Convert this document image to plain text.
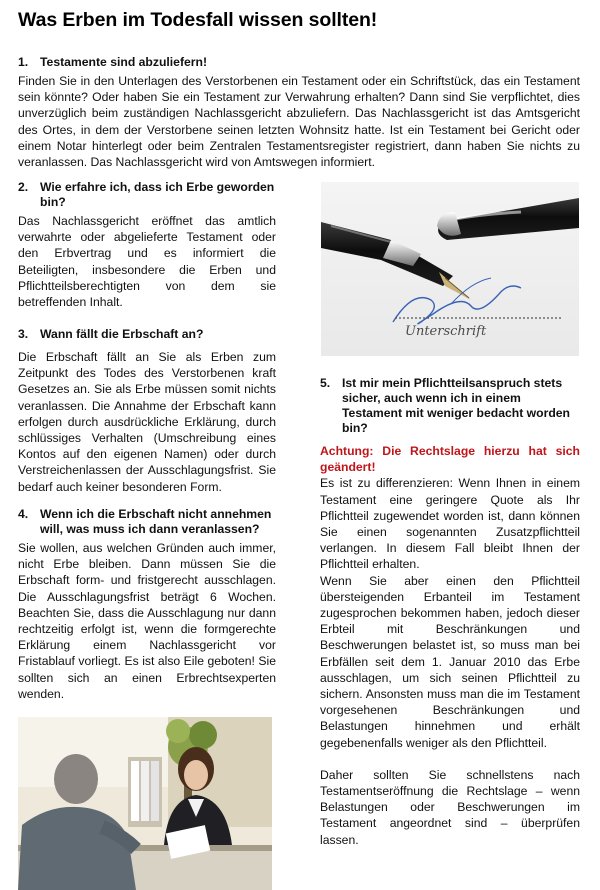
Was Erben im Todesfall wissen sollten!
1. Testamente sind abzuliefern!

Finden Sie in den Unterlagen des Verstorbenen ein Testament oder ein Schriftstück, das ein Testament sein könnte? Oder haben Sie ein Testament zur Verwahrung erhalten? Dann sind Sie verpflichtet, dies unverzüglich beim zuständigen Nachlassgericht abzuliefern. Das Nachlassgericht ist das Amtsgericht des Ortes, in dem der Verstorbene seinen letzten Wohnsitz hatte. Ist ein Testament bei Gericht oder einem Notar hinterlegt oder beim Zentralen Testamentsregister registriert, dann haben Sie nichts zu veranlassen. Das Nachlassgericht wird von Amtswegen informiert.

2. Wie erfahre ich, dass ich Erbe geworden bin?

Das Nachlassgericht eröffnet das amtlich verwahrte oder abgelieferte Testament oder den Erbvertrag und es informiert die Beteiligten, insbesondere die Erben und Pflichtteilsberechtigten von dem sie betreffenden Inhalt.

3. Wann fällt die Erbschaft an?

Die Erbschaft fällt an Sie als Erben zum Zeitpunkt des Todes des Verstorbenen kraft Gesetzes an. Sie als Erbe müssen somit nichts veranlassen. Die Annahme der Erbschaft kann erfolgen durch ausdrückliche Erklärung, durch schlüssiges Verhalten (Umschreibung eines Kontos auf den eigenen Namen) oder durch Verstreichenlassen der Ausschlagungsfrist. Sie bedarf auch keiner besonderen Form.

4. Wenn ich die Erbschaft nicht annehmen will, was muss ich dann veranlassen?

Sie wollen, aus welchen Gründen auch immer, nicht Erbe bleiben. Dann müssen Sie die Erbschaft form- und fristgerecht ausschlagen. Die Ausschlagungsfrist beträgt 6 Wochen. Beachten Sie, dass die Ausschlagung nur dann rechtzeitig erfolgt ist, wenn die formgerechte Erklärung einem Nachlassgericht vor Fristablauf vorliegt. Es ist also Eile geboten! Sie sollten sich an einen Erbrechtsexperten wenden.

Unterschrift
5. Ist mir mein Pflichtteilsanspruch stets sicher, auch wenn ich in einem Testament mit weniger bedacht worden bin?

Achtung: Die Rechtslage hierzu hat sich geändert!

Es ist zu differenzieren: Wenn Ihnen in einem Testament eine geringere Quote als Ihr Pflichtteil zugewendet worden ist, dann können Sie einen sogenannten Zusatzpflichtteil verlangen. In diesem Fall bleibt Ihnen der Pflichtteil erhalten.

Wenn Sie aber einen den Pflichtteil übersteigenden Erbanteil im Testament zugesprochen bekommen haben, jedoch dieser Erbteil mit Beschränkungen und Beschwerungen belastet ist, so muss man bei Erbfällen seit dem 1. Januar 2010 das Erbe ausschlagen, um sich seinen Pflichtteil zu sichern. Ansonsten muss man die im Testament vorgesehenen Beschränkungen und Belastungen hinnehmen und erhält gegebenenfalls weniger als den Pflichtteil.

Daher sollten Sie schnellstens nach Testamentseröffnung die Rechtslage – wenn Belastungen oder Beschwerungen im Testament angeordnet sind – überprüfen lassen.
